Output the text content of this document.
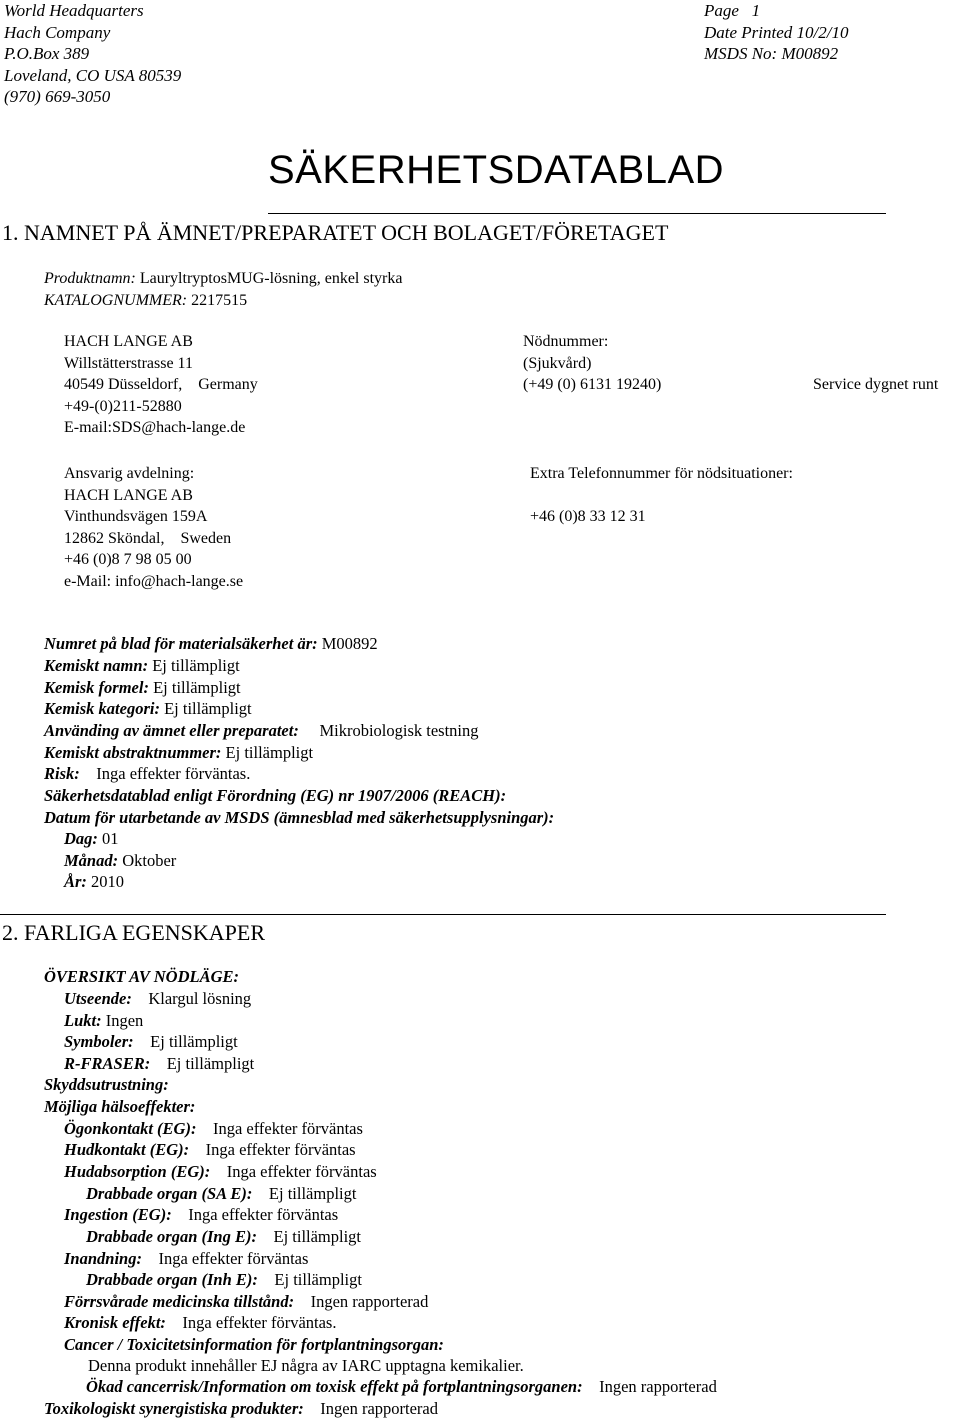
World Headquarters
Hach Company
P.O.Box 389
Loveland, CO USA 80539
(970) 669-3050
Page   1
Date Printed 10/2/10
MSDS No: M00892
SÄKERHETSDATABLAD
1. NAMNET PÅ ÄMNET/PREPARATET OCH BOLAGET/FÖRETAGET
Produktnamn: LauryltryptosMUG-lösning, enkel styrka
KATALOGNUMMER: 2217515
HACH LANGE AB
Willstätterstrasse 11
40549 Düsseldorf,    Germany
+49-(0)211-52880
E-mail:SDS@hach-lange.de
Nödnummer:
(Sjukvård)
(+49 (0) 6131 19240)	Service dygnet runt
Ansvarig avdelning:
HACH LANGE AB
Vinthundsvägen 159A
12862 Sköndal,    Sweden
+46 (0)8 7 98 05 00
e-Mail: info@hach-lange.se
Extra Telefonnummer för nödsituationer:
+46 (0)8 33 12 31
Numret på blad för materialsäkerhet är: M00892
Kemiskt namn: Ej tillämpligt
Kemisk formel: Ej tillämpligt
Kemisk kategori: Ej tillämpligt
Använding av ämnet eller preparatet:     Mikrobiologisk testning
Kemiskt abstraktnummer: Ej tillämpligt
Risk:    Inga effekter förväntas.
Säkerhetsdatablad enligt Förordning (EG) nr 1907/2006 (REACH):
Datum för utarbetande av MSDS (ämnesblad med säkerhetsupplysningar):
Dag: 01
Månad: Oktober
År: 2010
2. FARLIGA EGENSKAPER
ÖVERSIKT AV NÖDLÄGE:
Utseende:    Klargul lösning
Lukt: Ingen
Symboler:    Ej tillämpligt
R-FRASER:    Ej tillämpligt
Skyddsutrustning:
Möjliga hälsoeffekter:
Ögonkontakt (EG):    Inga effekter förväntas
Hudkontakt (EG):    Inga effekter förväntas
Hudabsorption (EG):    Inga effekter förväntas
Drabbade organ (SA E):    Ej tillämpligt
Ingestion (EG):    Inga effekter förväntas
Drabbade organ (Ing E):    Ej tillämpligt
Inandning:    Inga effekter förväntas
Drabbade organ (Inh E):    Ej tillämpligt
Förrsvårade medicinska tillstånd:    Ingen rapporterad
Kronisk effekt:    Inga effekter förväntas.
Cancer / Toxicitetsinformation för fortplantningsorgan:
Denna produkt innehåller EJ några av IARC upptagna kemikalier.
Ökad cancerrisk/Information om toxisk effekt på fortplantningsorganen:    Ingen rapporterad
Toxikologiskt synergistiska produkter:    Ingen rapporterad
